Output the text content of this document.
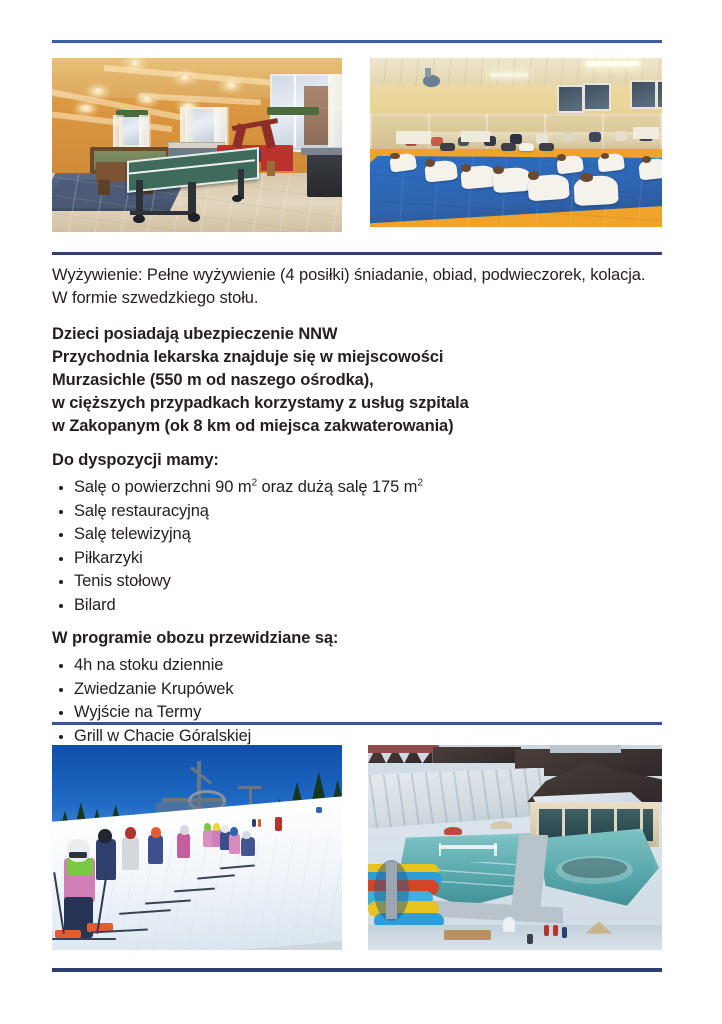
Wyżywienie: Pełne wyżywienie (4 posiłki) śniadanie, obiad, podwieczorek, kolacja. W formie szwedzkiego stołu.

Dzieci posiadają ubezpieczenie NNW
Przychodnia lekarska znajduje się w miejscowości
Murzasichle (550 m od naszego ośrodka),
w cięższych przypadkach korzystamy z usług szpitala
w Zakopanym (ok 8 km od miejsca zakwaterowania)

Do dyspozycji mamy:

Salę o powierzchni 90 $m^2$ oraz dużą salę 175 $m^2$
Salę restauracyjną
Salę telewizyjną
Piłkarzyki
Tenis stołowy
Bilard

W programie obozu przewidziane są:

4h na stoku dziennie
Zwiedzanie Krupówek
Wyjście na Termy
Grill w Chacie Góralskiej
